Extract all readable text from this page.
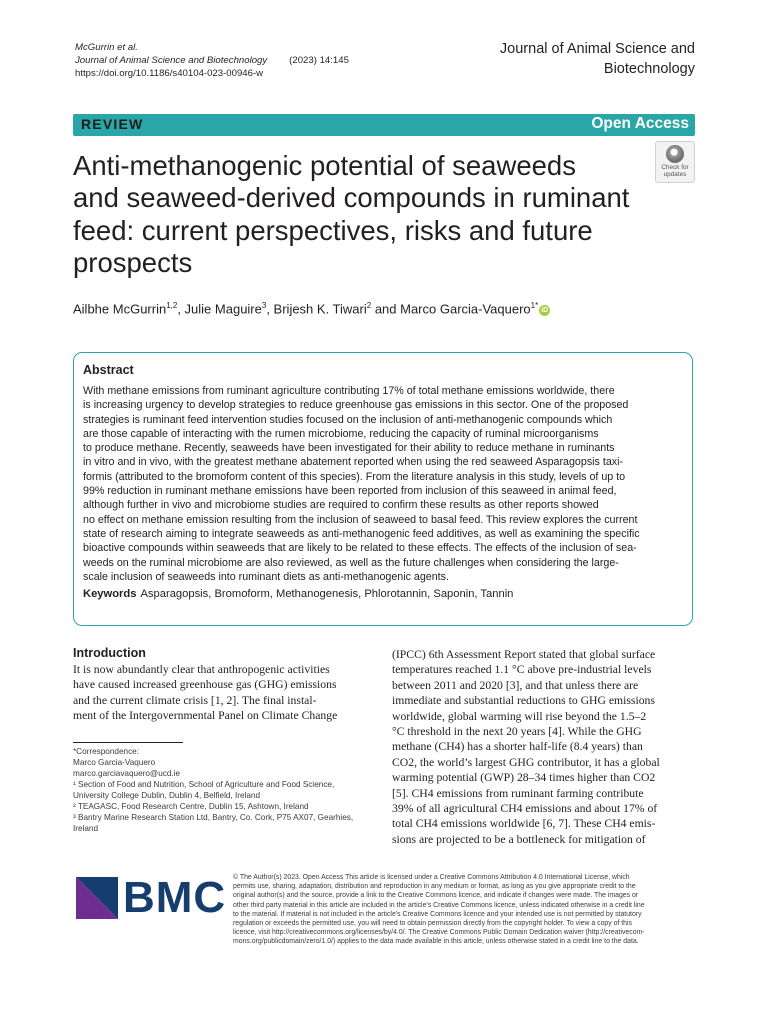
McGurrin et al.
Journal of Animal Science and Biotechnology (2023) 14:145
https://doi.org/10.1186/s40104-023-00946-w
Journal of Animal Science and
Biotechnology
REVIEW	Open Access
Anti-methanogenic potential of seaweeds
and seaweed-derived compounds in ruminant
feed: current perspectives, risks and future
prospects
Check for
updates
Ailbhe McGurrin$^{1,2}$, Julie Maguire$^3$, Brijesh K. Tiwari$^2$ and Marco Garcia-Vaquero$^{1*}$iD
Abstract
With methane emissions from ruminant agriculture contributing 17% of total methane emissions worldwide, there
is increasing urgency to develop strategies to reduce greenhouse gas emissions in this sector. One of the proposed
strategies is ruminant feed intervention studies focused on the inclusion of anti-methanogenic compounds which
are those capable of interacting with the rumen microbiome, reducing the capacity of ruminal microorganisms
to produce methane. Recently, seaweeds have been investigated for their ability to reduce methane in ruminants
in vitro and in vivo, with the greatest methane abatement reported when using the red seaweed Asparagopsis taxi-
formis (attributed to the bromoform content of this species). From the literature analysis in this study, levels of up to
99% reduction in ruminant methane emissions have been reported from inclusion of this seaweed in animal feed,
although further in vivo and microbiome studies are required to confirm these results as other reports showed
no effect on methane emission resulting from the inclusion of seaweed to basal feed. This review explores the current
state of research aiming to integrate seaweeds as anti-methanogenic feed additives, as well as examining the specific
bioactive compounds within seaweeds that are likely to be related to these effects. The effects of the inclusion of sea-
weeds on the ruminal microbiome are also reviewed, as well as the future challenges when considering the large-
scale inclusion of seaweeds into ruminant diets as anti-methanogenic agents.
Keywords Asparagopsis, Bromoform, Methanogenesis, Phlorotannin, Saponin, Tannin
Introduction
It is now abundantly clear that anthropogenic activities
have caused increased greenhouse gas (GHG) emissions
and the current climate crisis [1, 2]. The final instal-
ment of the Intergovernmental Panel on Climate Change
(IPCC) 6th Assessment Report stated that global surface
temperatures reached 1.1 °C above pre-industrial levels
between 2011 and 2020 [3], and that unless there are
immediate and substantial reductions to GHG emissions
worldwide, global warming will rise beyond the 1.5–2
°C threshold in the next 20 years [4]. While the GHG
methane (CH4) has a shorter half-life (8.4 years) than
CO2, the world’s largest GHG contributor, it has a global
warming potential (GWP) 28–34 times higher than CO2
[5]. CH4 emissions from ruminant farming contribute
39% of all agricultural CH4 emissions and about 17% of
total CH4 emissions worldwide [6, 7]. These CH4 emis-
sions are projected to be a bottleneck for mitigation of
*Correspondence:
Marco Garcia-Vaquero
marco.garciavaquero@ucd.ie
¹ Section of Food and Nutrition, School of Agriculture and Food Science,
University College Dublin, Dublin 4, Belfield, Ireland
² TEAGASC, Food Research Centre, Dublin 15, Ashtown, Ireland
³ Bantry Marine Research Station Ltd, Bantry, Co. Cork, P75 AX07, Gearhies,
Ireland
BMC © The Author(s) 2023. Open Access This article is licensed under a Creative Commons Attribution 4.0 International License, which
permits use, sharing, adaptation, distribution and reproduction in any medium or format, as long as you give appropriate credit to the
original author(s) and the source, provide a link to the Creative Commons licence, and indicate if changes were made. The images or
other third party material in this article are included in the article’s Creative Commons licence, unless indicated otherwise in a credit line
to the material. If material is not included in the article’s Creative Commons licence and your intended use is not permitted by statutory
regulation or exceeds the permitted use, you will need to obtain permission directly from the copyright holder. To view a copy of this
licence, visit http://creativecommons.org/licenses/by/4.0/. The Creative Commons Public Domain Dedication waiver (http://creativecom-
mons.org/publicdomain/zero/1.0/) applies to the data made available in this article, unless otherwise stated in a credit line to the data.
